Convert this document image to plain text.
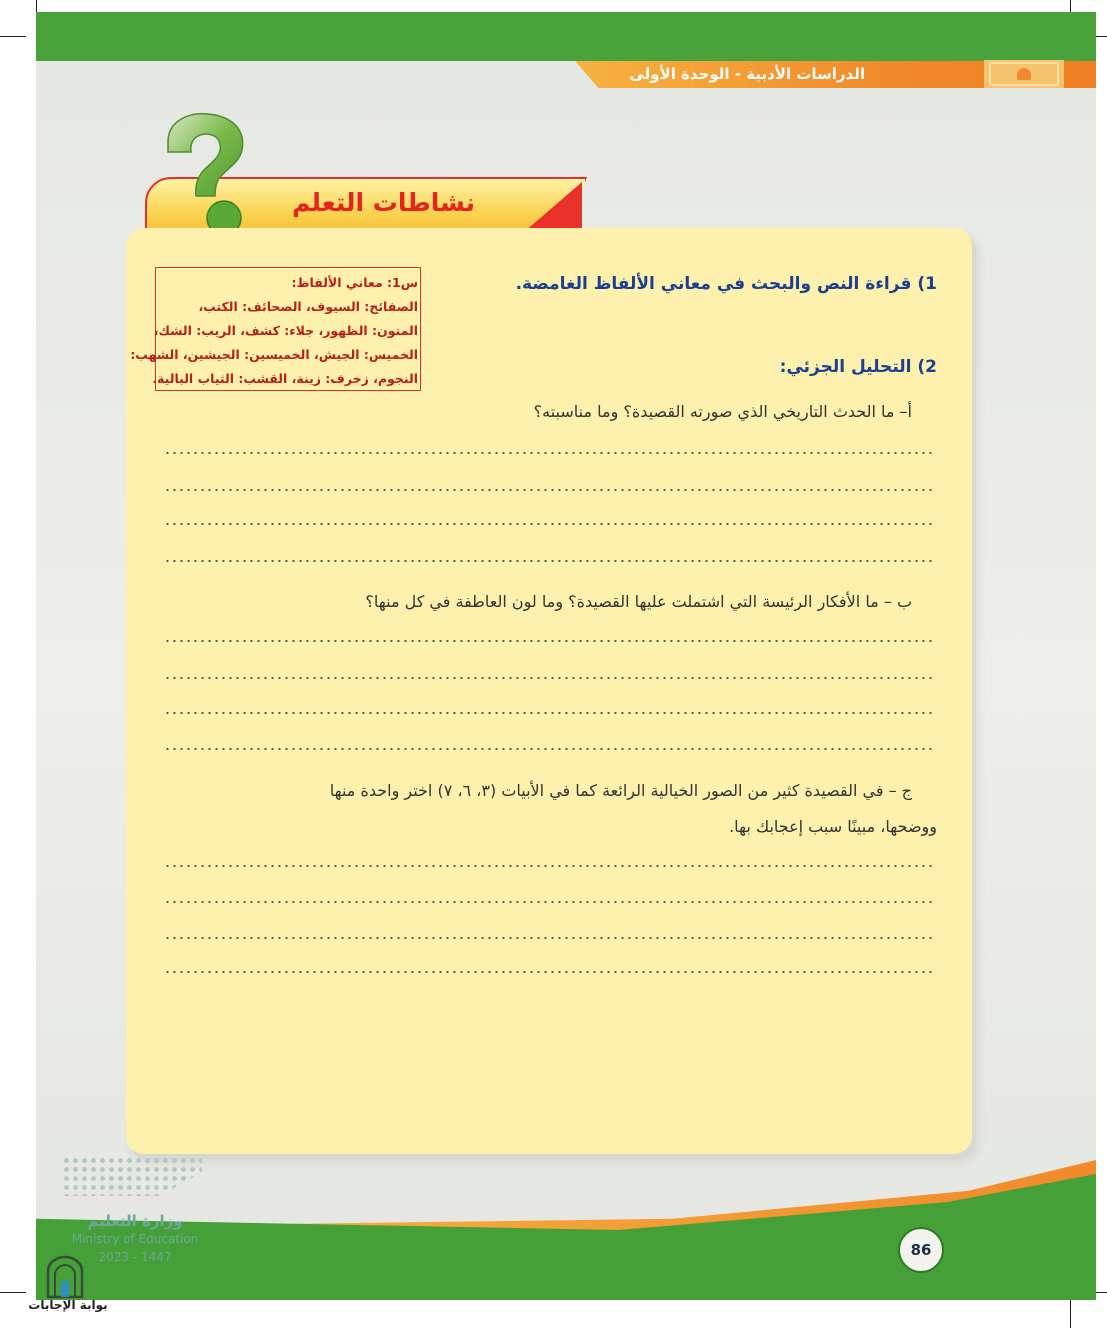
الدراسات الأدبية - الوحدة الأولى
نشاطات التعلم
س1: معاني الألفاظ:
الصفائح: السيوف، الصحائف: الكتب،
المتون: الظهور، جلاء: كشف، الريب: الشك،
الخميس: الجيش، الخميسين: الجيشين، الشهب:
النجوم، زخرف: زينة، القشب: الثياب البالية.
1) قراءة النص والبحث في معاني الألفاظ الغامضة.
2) التحليل الجزئي:
أ– ما الحدث التاريخي الذي صورته القصيدة؟ وما مناسبته؟
ب – ما الأفكار الرئيسة التي اشتملت عليها القصيدة؟ وما لون العاطفة في كل منها؟
ج – في القصيدة كثير من الصور الخيالية الرائعة كما في الأبيات (٣، ٦، ٧) اختر واحدة منها
ووضحها، مبينًا سبب إعجابك بها.
وزارة التعليم
Ministry of Education
2023 - 1447	86
بوابة الإجابات
